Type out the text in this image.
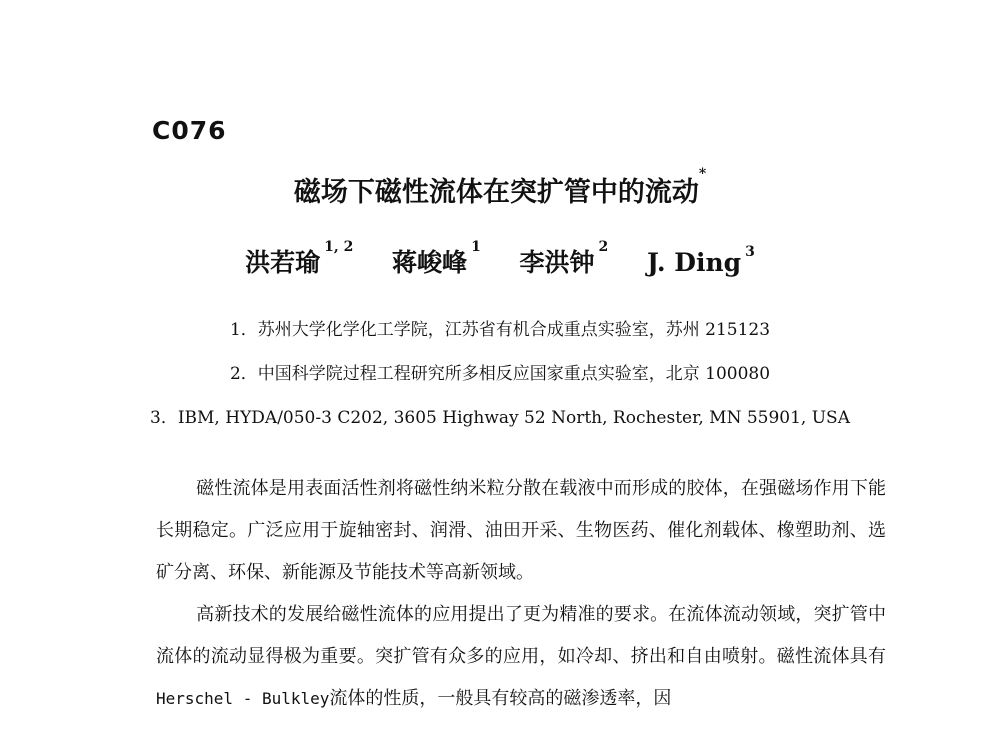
C076
磁场下磁性流体在突扩管中的流动*
洪若瑜$^{1, 2}$ 蒋峻峰$^1$ 李洪钟$^2$ J. Ding $^3$
1．苏州大学化学化工学院，江苏省有机合成重点实验室，苏州 215123
2．中国科学院过程工程研究所多相反应国家重点实验室，北京 100080
3．IBM, HYDA/050-3 C202, 3605 Highway 52 North, Rochester, MN 55901, USA
磁性流体是用表面活性剂将磁性纳米粒分散在载液中而形成的胶体，在强磁场作用下能长期稳定。广泛应用于旋轴密封、润滑、油田开采、生物医药、催化剂载体、橡塑助剂、选矿分离、环保、新能源及节能技术等高新领域。
高新技术的发展给磁性流体的应用提出了更为精准的要求。在流体流动领域，突扩管中流体的流动显得极为重要。突扩管有众多的应用，如冷却、挤出和自由喷射。磁性流体具有Herschel - Bulkley流体的性质，一般具有较高的磁渗透率，因
